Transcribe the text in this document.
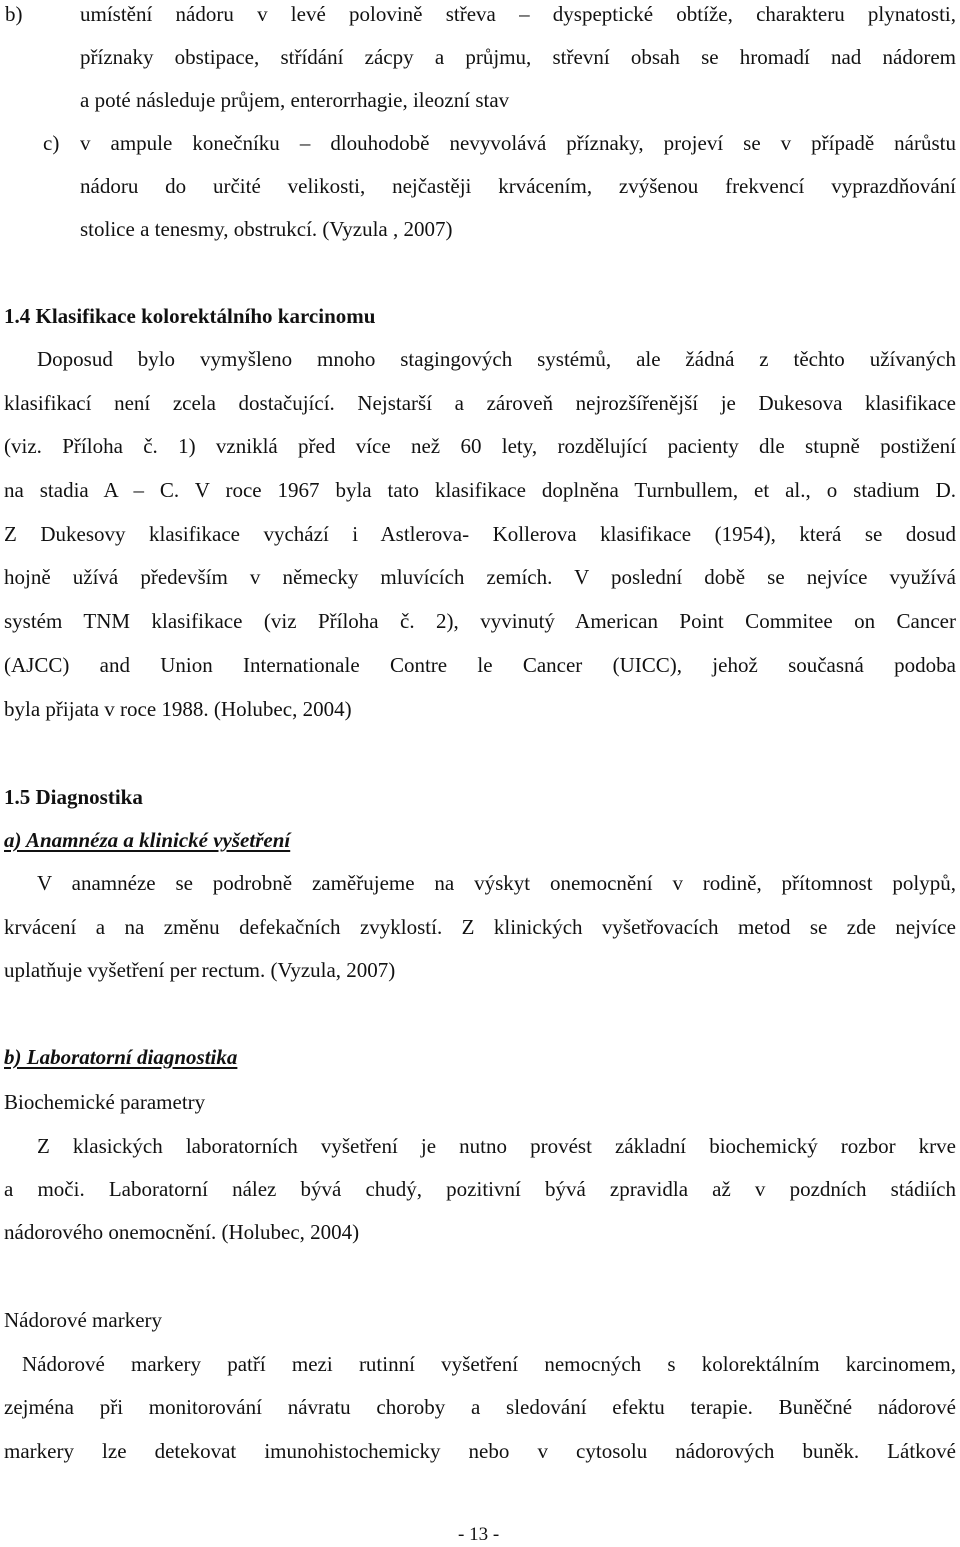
b)	umístění nádoru v levé polovině střeva – dyspeptické obtíže, charakteru plynatosti,
příznaky obstipace, střídání zácpy a průjmu, střevní obsah se hromadí nad nádorem
a poté následuje průjem, enterorrhagie, ileozní stav
c) v ampule konečníku – dlouhodobě nevyvolává příznaky, projeví se v případě nárůstu
nádoru do určité velikosti, nejčastěji krvácením, zvýšenou frekvencí vyprazdňování
stolice a tenesmy, obstrukcí. (Vyzula , 2007)
1.4 Klasifikace kolorektálního karcinomu
Doposud bylo vymyšleno mnoho stagingových systémů, ale žádná z těchto užívaných
klasifikací není zcela dostačující. Nejstarší a zároveň nejrozšířenější je Dukesova klasifikace
(viz. Příloha č. 1) vzniklá před více než 60 lety, rozdělující pacienty dle stupně postižení
na stadia A – C. V roce 1967 byla tato klasifikace doplněna Turnbullem, et al., o stadium D.
Z Dukesovy klasifikace vychází i Astlerova- Kollerova klasifikace (1954), která se dosud
hojně užívá především v německy mluvících zemích. V poslední době se nejvíce využívá
systém TNM klasifikace (viz Příloha č. 2), vyvinutý American Point Commitee on Cancer
(AJCC) and Union Internationale Contre le Cancer (UICC), jehož současná podoba
byla přijata v roce 1988. (Holubec, 2004)
1.5 Diagnostika
a) Anamnéza a klinické vyšetření
V anamnéze se podrobně zaměřujeme na výskyt onemocnění v rodině, přítomnost polypů,
krvácení a na změnu defekačních zvyklostí. Z klinických vyšetřovacích metod se zde nejvíce
uplatňuje vyšetření per rectum. (Vyzula, 2007)
b) Laboratorní diagnostika
Biochemické parametry
Z klasických laboratorních vyšetření je nutno provést základní biochemický rozbor krve
a moči. Laboratorní nález bývá chudý, pozitivní bývá zpravidla až v pozdních stádiích
nádorového onemocnění. (Holubec, 2004)
Nádorové markery
Nádorové markery patří mezi rutinní vyšetření nemocných s kolorektálním karcinomem,
zejména při monitorování návratu choroby a sledování efektu terapie. Buněčné nádorové
markery lze detekovat imunohistochemicky nebo v cytosolu nádorových buněk. Látkové
- 13 -
